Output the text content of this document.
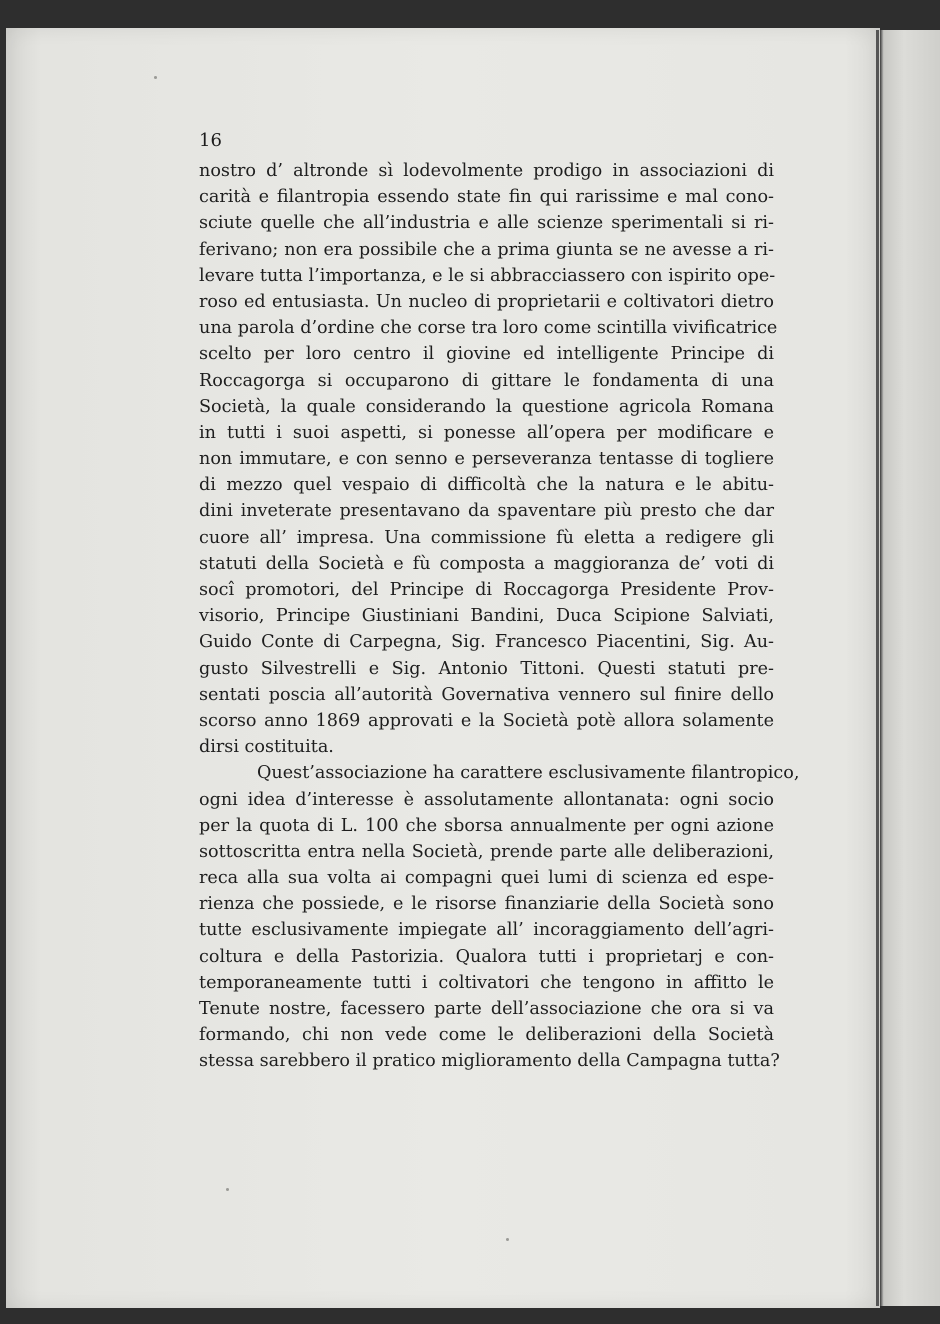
16

nostro d’ altronde sì lodevolmente prodigo in associazioni di
carità e filantropia essendo state fin qui rarissime e mal cono-
sciute quelle che all’industria e alle scienze sperimentali si ri-
ferivano; non era possibile che a prima giunta se ne avesse a ri-
levare tutta l’importanza, e le si abbracciassero con ispirito ope-
roso ed entusiasta. Un nucleo di proprietarii e coltivatori dietro
una parola d’ordine che corse tra loro come scintilla vivificatrice
scelto per loro centro il giovine ed intelligente Principe di
Roccagorga si occuparono di gittare le fondamenta di una
Società, la quale considerando la questione agricola Romana
in tutti i suoi aspetti, si ponesse all’opera per modificare e
non immutare, e con senno e perseveranza tentasse di togliere
di mezzo quel vespaio di difficoltà che la natura e le abitu-
dini inveterate presentavano da spaventare più presto che dar
cuore all’ impresa. Una commissione fù eletta a redigere gli
statuti della Società e fù composta a maggioranza de’ voti di
socî promotori, del Principe di Roccagorga Presidente Prov-
visorio, Principe Giustiniani Bandini, Duca Scipione Salviati,
Guido Conte di Carpegna, Sig. Francesco Piacentini, Sig. Au-
gusto Silvestrelli e Sig. Antonio Tittoni. Questi statuti pre-
sentati poscia all’autorità Governativa vennero sul finire dello
scorso anno 1869 approvati e la Società potè allora solamente
dirsi costituita.
Quest’associazione ha carattere esclusivamente filantropico,
ogni idea d’interesse è assolutamente allontanata: ogni socio
per la quota di L. 100 che sborsa annualmente per ogni azione
sottoscritta entra nella Società, prende parte alle deliberazioni,
reca alla sua volta ai compagni quei lumi di scienza ed espe-
rienza che possiede, e le risorse finanziarie della Società sono
tutte esclusivamente impiegate all’ incoraggiamento dell’agri-
coltura e della Pastorizia. Qualora tutti i proprietarj e con-
temporaneamente tutti i coltivatori che tengono in affitto le
Tenute nostre, facessero parte dell’associazione che ora si va
formando, chi non vede come le deliberazioni della Società
stessa sarebbero il pratico miglioramento della Campagna tutta?
